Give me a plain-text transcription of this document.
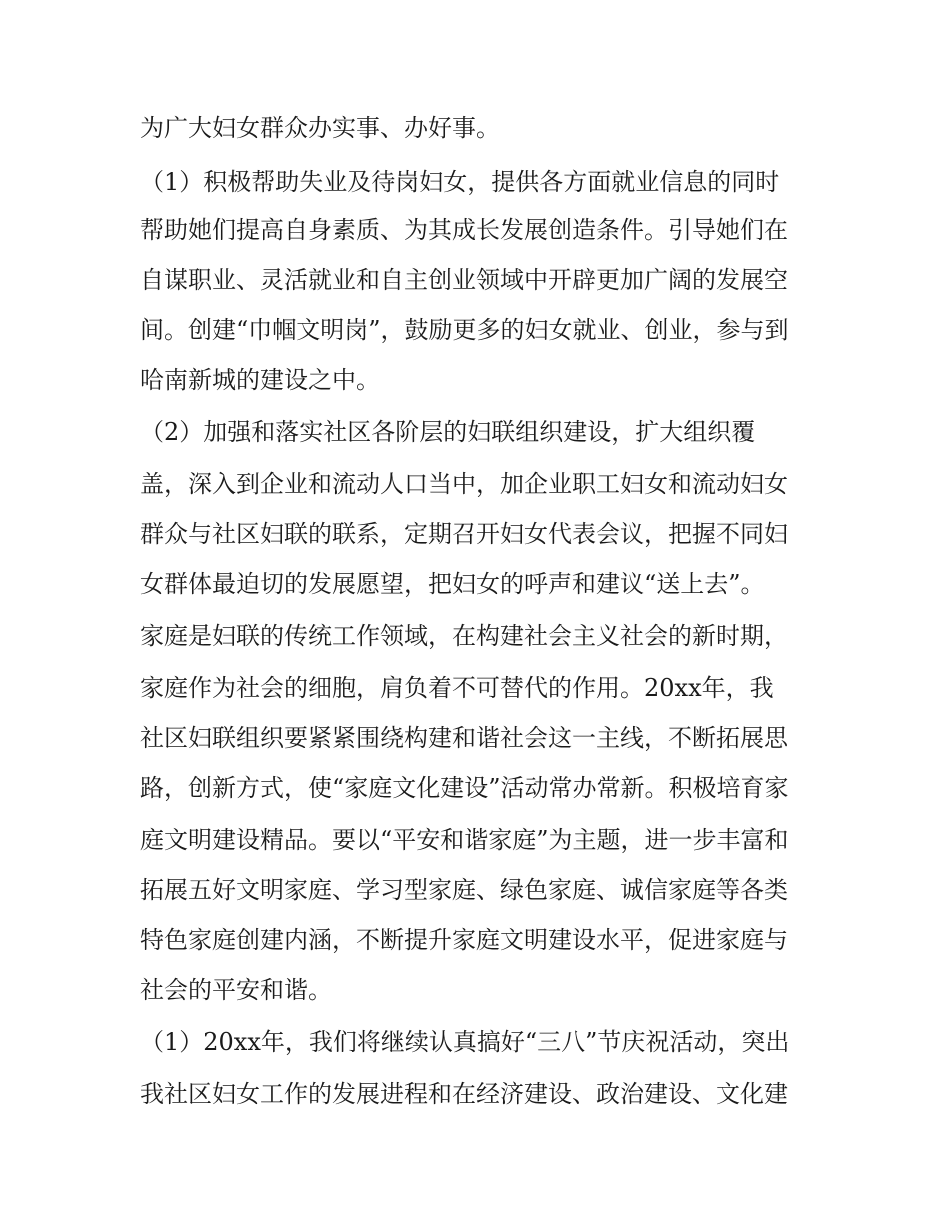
为广大妇女群众办实事、办好事。
（1）积极帮助失业及待岗妇女，提供各方面就业信息的同时
帮助她们提高自身素质、为其成长发展创造条件。引导她们在
自谋职业、灵活就业和自主创业领域中开辟更加广阔的发展空
间。创建“巾帼文明岗”，鼓励更多的妇女就业、创业，参与到
哈南新城的建设之中。
（2）加强和落实社区各阶层的妇联组织建设，扩大组织覆
盖，深入到企业和流动人口当中，加企业职工妇女和流动妇女
群众与社区妇联的联系，定期召开妇女代表会议，把握不同妇
女群体最迫切的发展愿望，把妇女的呼声和建议“送上去”。
家庭是妇联的传统工作领域，在构建社会主义社会的新时期，
家庭作为社会的细胞，肩负着不可替代的作用。20xx年，我
社区妇联组织要紧紧围绕构建和谐社会这一主线，不断拓展思
路，创新方式，使“家庭文化建设”活动常办常新。积极培育家
庭文明建设精品。要以“平安和谐家庭”为主题，进一步丰富和
拓展五好文明家庭、学习型家庭、绿色家庭、诚信家庭等各类
特色家庭创建内涵，不断提升家庭文明建设水平，促进家庭与
社会的平安和谐。
（1）20xx年，我们将继续认真搞好“三八”节庆祝活动，突出
我社区妇女工作的发展进程和在经济建设、政治建设、文化建
